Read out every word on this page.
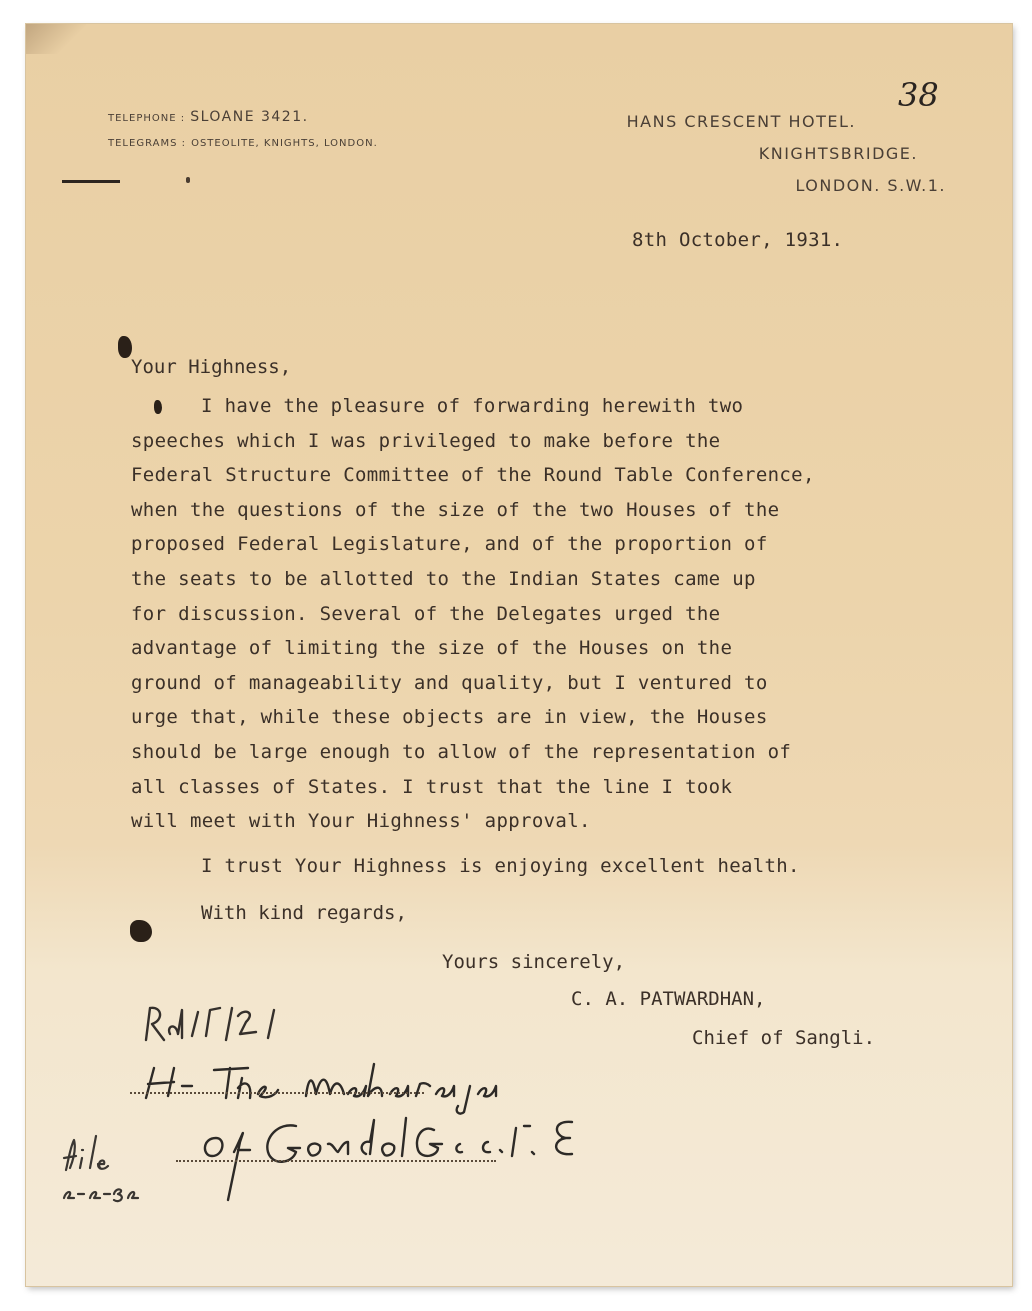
TELEPHONE : SLOANE 3421.
TELEGRAMS : OSTEOLITE, KNIGHTS, LONDON.
HANS CRESCENT HOTEL.
KNIGHTSBRIDGE.
LONDON. S.W.1.
38
8th October, 1931.
Your Highness,
I have the pleasure of forwarding herewith two
speeches which I was privileged to make before the
Federal Structure Committee of the Round Table Conference,
when the questions of the size of the two Houses of the
proposed Federal Legislature, and of the proportion of
the seats to be allotted to the Indian States came up
for discussion. Several of the Delegates urged the
advantage of limiting the size of the Houses on the
ground of manageability and quality, but I ventured to
urge that, while these objects are in view, the Houses
should be large enough to allow of the representation of
all classes of States. I trust that the line I took
will meet with Your Highness' approval.
I trust Your Highness is enjoying excellent health.
With kind regards,
Yours sincerely,
C. A. PATWARDHAN,
Chief of Sangli.
